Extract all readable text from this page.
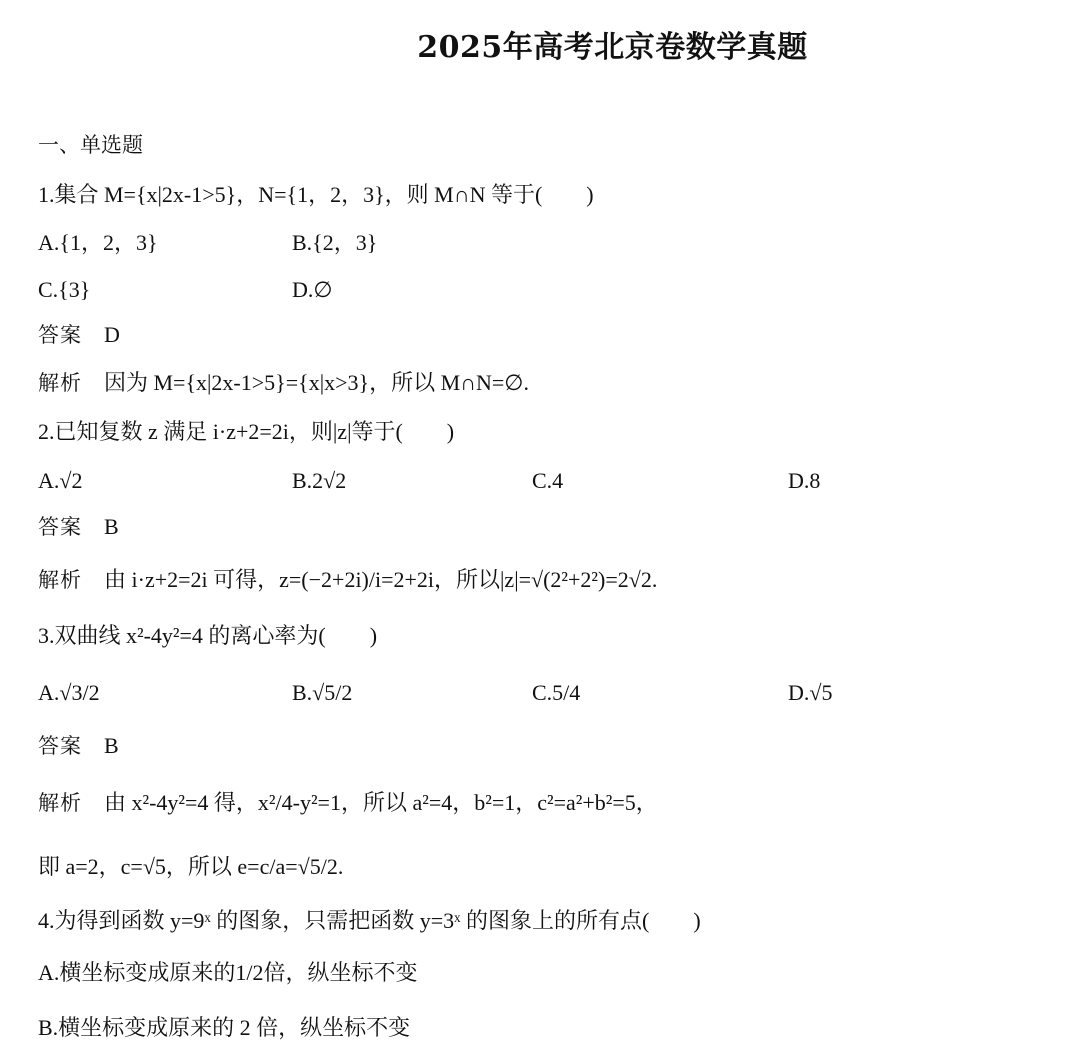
2025年高考北京卷数学真题
一、单选题
1.集合 M={x|2x-1>5}，N={1，2，3}，则 M∩N 等于(　　)
A.{1，2，3}	B.{2，3}
C.{3}	D.∅
答案 D
解析 因为 M={x|2x-1>5}={x|x>3}，所以 M∩N=∅.
2.已知复数 z 满足 i·z+2=2i，则|z|等于(　　)
A.√2	B.2√2	C.4	D.8
答案 B
解析 由 i·z+2=2i 可得，z=(−2+2i)/i=2+2i，所以|z|=√(2²+2²)=2√2.
3.双曲线 x²-4y²=4 的离心率为(　　)
A.√3/2	B.√5/2	C.5/4	D.√5
答案 B
解析 由 x²-4y²=4 得，x²/4-y²=1，所以 a²=4，b²=1，c²=a²+b²=5，
即 a=2，c=√5，所以 e=c/a=√5/2.
4.为得到函数 y=9ˣ 的图象，只需把函数 y=3ˣ 的图象上的所有点(　　)
A.横坐标变成原来的1/2倍，纵坐标不变
B.横坐标变成原来的 2 倍，纵坐标不变
